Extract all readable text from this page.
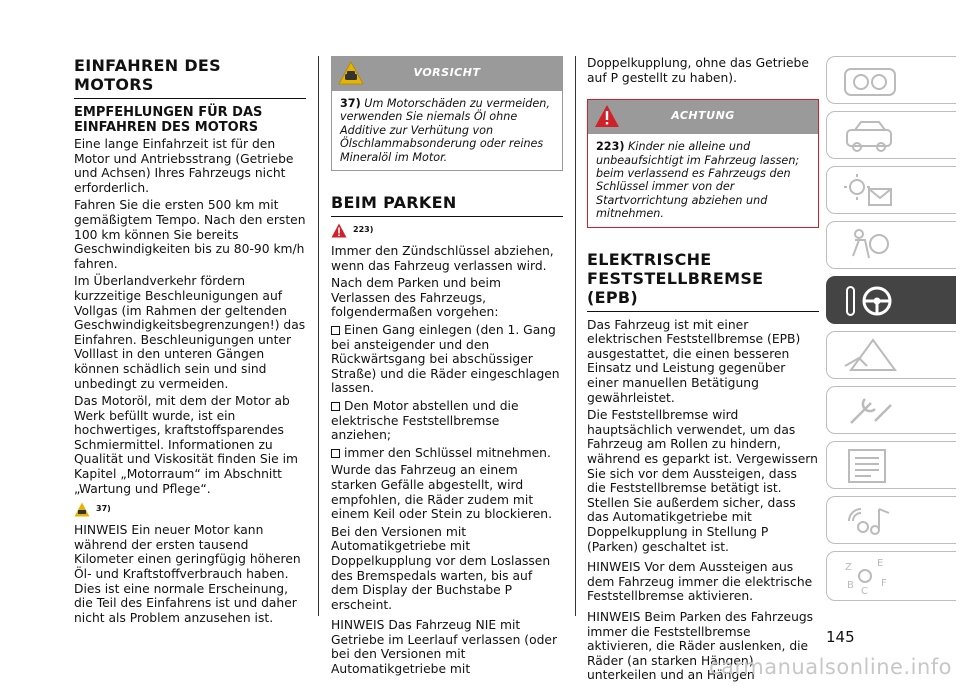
EINFAHREN DES MOTORS
EMPFEHLUNGEN FÜR DAS EINFAHREN DES MOTORS

Eine lange Einfahrzeit ist für den Motor und Antriebsstrang (Getriebe und Achsen) Ihres Fahrzeugs nicht erforderlich.

Fahren Sie die ersten 500 km mit gemäßigtem Tempo. Nach den ersten 100 km können Sie bereits Geschwindigkeiten bis zu 80-90 km/h fahren.

Im Überlandverkehr fördern kurzzeitige Beschleunigungen auf Vollgas (im Rahmen der geltenden Geschwindigkeitsbegrenzungen!) das Einfahren. Beschleunigungen unter Volllast in den unteren Gängen können schädlich sein und sind unbedingt zu vermeiden.

Das Motoröl, mit dem der Motor ab Werk befüllt wurde, ist ein hochwertiges, kraftstoffsparendes Schmiermittel. Informationen zu Qualität und Viskosität finden Sie im Kapitel „Motorraum“ im Abschnitt „Wartung und Pflege“.

37)

HINWEIS Ein neuer Motor kann während der ersten tausend Kilometer einen geringfügig höheren Öl- und Kraftstoffverbrauch haben. Dies ist eine normale Erscheinung, die Teil des Einfahrens ist und daher nicht als Problem anzusehen ist.

VORSICHT
37) Um Motorschäden zu vermeiden, verwenden Sie niemals Öl ohne Additive zur Verhütung von Ölschlammabsonderung oder reines Mineralöl im Motor.
BEIM PARKEN
223)

Immer den Zündschlüssel abziehen, wenn das Fahrzeug verlassen wird.

Nach dem Parken und beim Verlassen des Fahrzeugs, folgendermaßen vorgehen:

Einen Gang einlegen (den 1. Gang bei ansteigender und den Rückwärtsgang bei abschüssiger Straße) und die Räder eingeschlagen lassen.

Den Motor abstellen und die elektrische Feststellbremse anziehen;

immer den Schlüssel mitnehmen.

Wurde das Fahrzeug an einem starken Gefälle abgestellt, wird empfohlen, die Räder zudem mit einem Keil oder Stein zu blockieren.

Bei den Versionen mit Automatikgetriebe mit Doppelkupplung vor dem Loslassen des Bremspedals warten, bis auf dem Display der Buchstabe P erscheint.

HINWEIS Das Fahrzeug NIE mit Getriebe im Leerlauf verlassen (oder bei den Versionen mit Automatikgetriebe mit

Doppelkupplung, ohne das Getriebe auf P gestellt zu haben).

ACHTUNG
223) Kinder nie alleine und unbeaufsichtigt im Fahrzeug lassen; beim verlassend es Fahrzeugs den Schlüssel immer von der Startvorrichtung abziehen und mitnehmen.
ELEKTRISCHE FESTSTELLBREMSE (EPB)

Das Fahrzeug ist mit einer elektrischen Feststellbremse (EPB) ausgestattet, die einen besseren Einsatz und Leistung gegenüber einer manuellen Betätigung gewährleistet.

Die Feststellbremse wird hauptsächlich verwendet, um das Fahrzeug am Rollen zu hindern, während es geparkt ist. Vergewissern Sie sich vor dem Aussteigen, dass die Feststellbremse betätigt ist. Stellen Sie außerdem sicher, dass das Automatikgetriebe mit Doppelkupplung in Stellung P (Parken) geschaltet ist.

HINWEIS Vor dem Aussteigen aus dem Fahrzeug immer die elektrische Feststellbremse aktivieren.

HINWEIS Beim Parken des Fahrzeugs immer die Feststellbremse aktivieren, die Räder auslenken, die Räder (an starken Hängen) unterkeilen und an Hängen

Z	E
B
C
F
145
carmanualsonline.info
